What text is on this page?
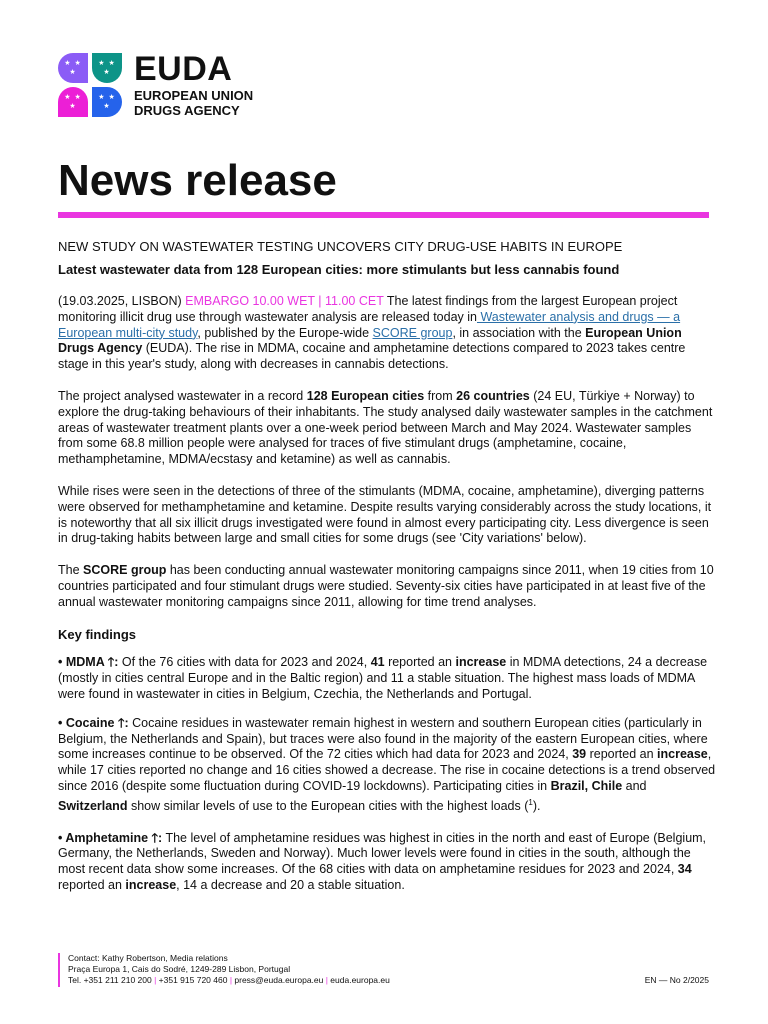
★ ★
★
★ ★
★
★ ★
★
★ ★
★
EUDA
EUROPEAN UNION
DRUGS AGENCY
News release
NEW STUDY ON WASTEWATER TESTING UNCOVERS CITY DRUG-USE HABITS IN EUROPE
Latest wastewater data from 128 European cities: more stimulants but less cannabis found

(19.03.2025, LISBON) EMBARGO 10.00 WET | 11.00 CET The latest findings from the largest European project monitoring illicit drug use through wastewater analysis are released today in Wastewater analysis and drugs — a European multi-city study, published by the Europe-wide SCORE group, in association with the European Union Drugs Agency (EUDA). The rise in MDMA, cocaine and amphetamine detections compared to 2023 takes centre stage in this year's study, along with decreases in cannabis detections.

The project analysed wastewater in a record 128 European cities from 26 countries (24 EU, Türkiye + Norway) to explore the drug-taking behaviours of their inhabitants. The study analysed daily wastewater samples in the catchment areas of wastewater treatment plants over a one-week period between March and May 2024. Wastewater samples from some 68.8 million people were analysed for traces of five stimulant drugs (amphetamine, cocaine, methamphetamine, MDMA/ecstasy and ketamine) as well as cannabis.

While rises were seen in the detections of three of the stimulants (MDMA, cocaine, amphetamine), diverging patterns were observed for methamphetamine and ketamine. Despite results varying considerably across the study locations, it is noteworthy that all six illicit drugs investigated were found in almost every participating city. Less divergence is seen in drug-taking habits between large and small cities for some drugs (see 'City variations' below).

The SCORE group has been conducting annual wastewater monitoring campaigns since 2011, when 19 cities from 10 countries participated and four stimulant drugs were studied. Seventy-six cities have participated in at least five of the annual wastewater monitoring campaigns since 2011, allowing for time trend analyses.

Key findings

• MDMA 🡑: Of the 76 cities with data for 2023 and 2024, 41 reported an increase in MDMA detections, 24 a decrease (mostly in cities central Europe and in the Baltic region) and 11 a stable situation. The highest mass loads of MDMA were found in wastewater in cities in Belgium, Czechia, the Netherlands and Portugal.

• Cocaine 🡑: Cocaine residues in wastewater remain highest in western and southern European cities (particularly in Belgium, the Netherlands and Spain), but traces were also found in the majority of the eastern European cities, where some increases continue to be observed. Of the 72 cities which had data for 2023 and 2024, 39 reported an increase, while 17 cities reported no change and 16 cities showed a decrease. The rise in cocaine detections is a trend observed since 2016 (despite some fluctuation during COVID-19 lockdowns). Participating cities in Brazil, Chile and Switzerland show similar levels of use to the European cities with the highest loads ($^1$).

• Amphetamine 🡑: The level of amphetamine residues was highest in cities in the north and east of Europe (Belgium, Germany, the Netherlands, Sweden and Norway). Much lower levels were found in cities in the south, although the most recent data show some increases. Of the 68 cities with data on amphetamine residues for 2023 and 2024, 34 reported an increase, 14 a decrease and 20 a stable situation.

Contact: Kathy Robertson, Media relations
Praça Europa 1, Cais do Sodré, 1249-289 Lisbon, Portugal
Tel. +351 211 210 200 | +351 915 720 460 | press@euda.europa.eu | euda.europa.eu	EN — No 2/2025
